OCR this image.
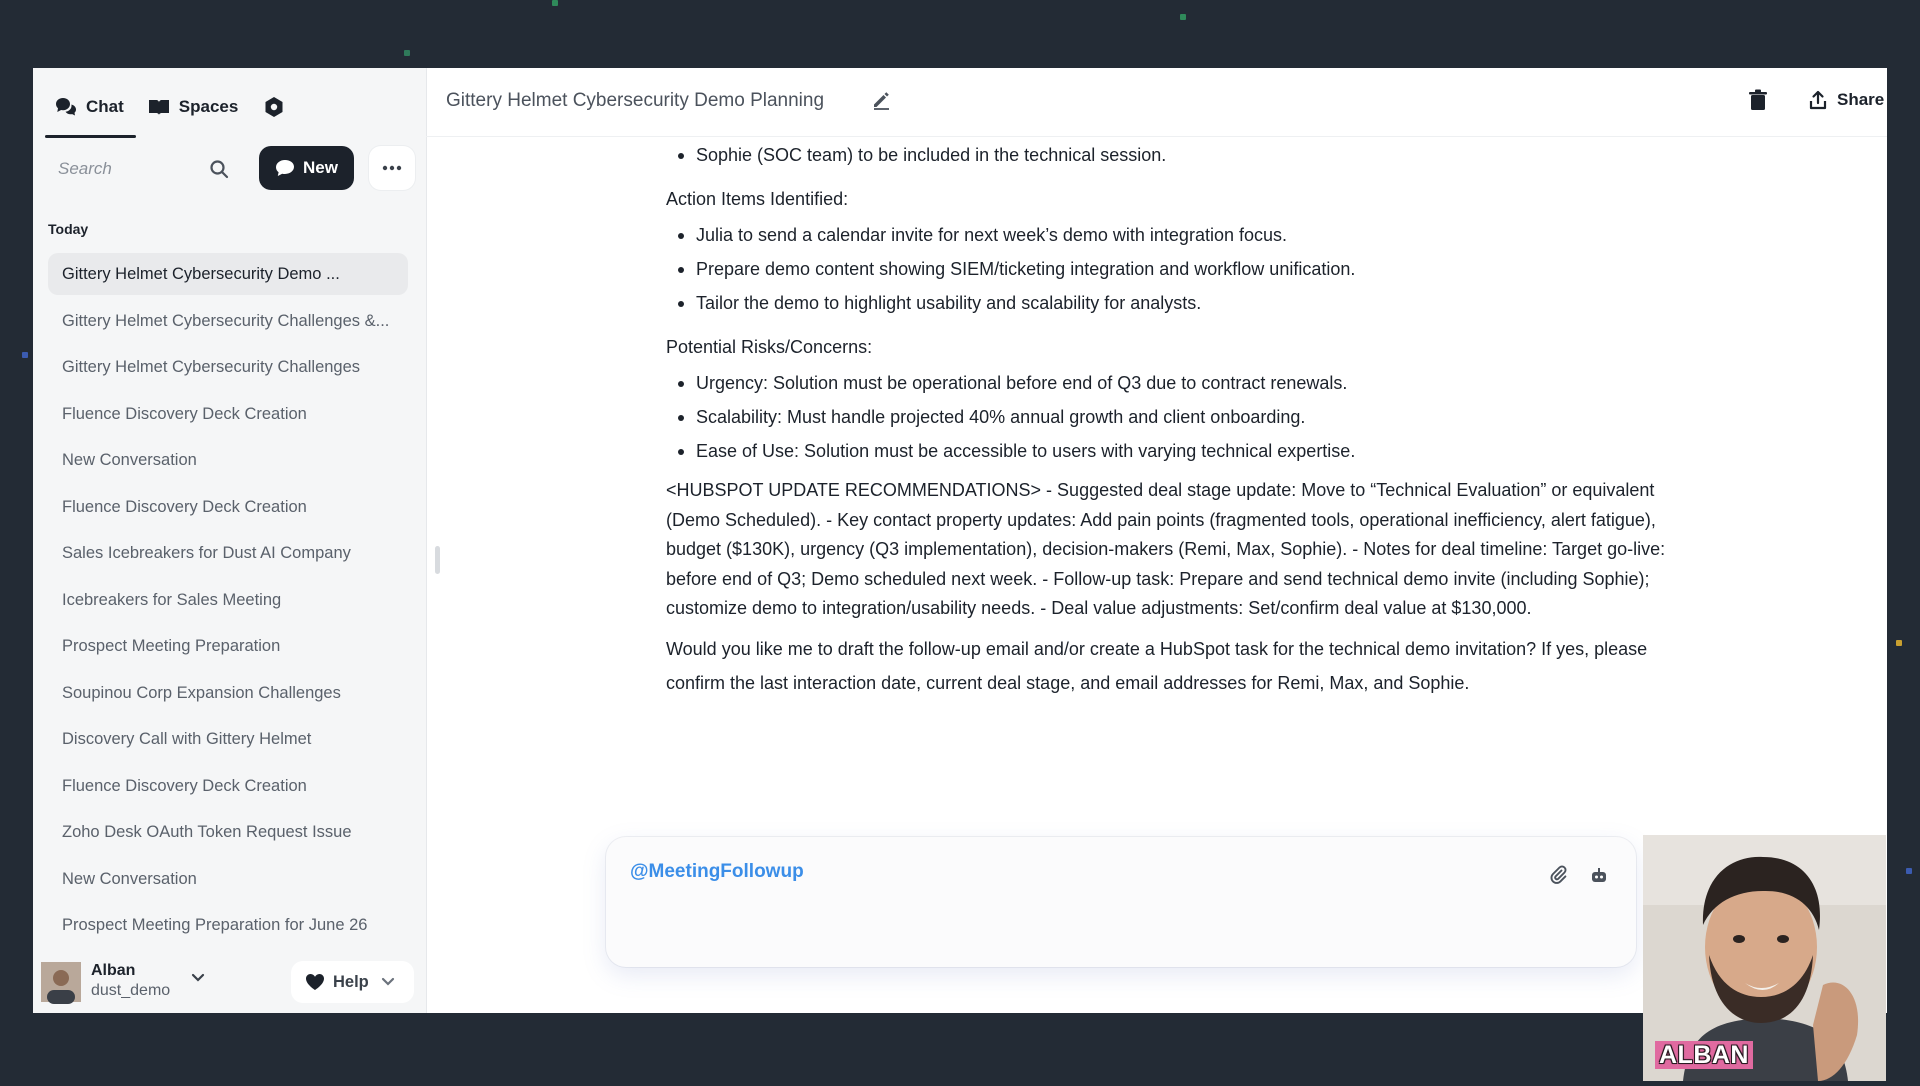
Chat	Spaces
Search
New
Today
Gittery Helmet Cybersecurity Demo ...
Gittery Helmet Cybersecurity Challenges &...
Gittery Helmet Cybersecurity Challenges
Fluence Discovery Deck Creation
New Conversation
Fluence Discovery Deck Creation
Sales Icebreakers for Dust AI Company
Icebreakers for Sales Meeting
Prospect Meeting Preparation
Soupinou Corp Expansion Challenges
Discovery Call with Gittery Helmet
Fluence Discovery Deck Creation
Zoho Desk OAuth Token Request Issue
New Conversation
Prospect Meeting Preparation for June 26
Alban
dust_demo	Help
Gittery Helmet Cybersecurity Demo Planning	Share
Sophie (SOC team) to be included in the technical session.

Action Items Identified:

Julia to send a calendar invite for next week’s demo with integration focus.
Prepare demo content showing SIEM/ticketing integration and workflow unification.
Tailor the demo to highlight usability and scalability for analysts.

Potential Risks/Concerns:

Urgency: Solution must be operational before end of Q3 due to contract renewals.
Scalability: Must handle projected 40% annual growth and client onboarding.
Ease of Use: Solution must be accessible to users with varying technical expertise.

<HUBSPOT UPDATE RECOMMENDATIONS> - Suggested deal stage update: Move to “Technical Evaluation” or equivalent (Demo Scheduled). - Key contact property updates: Add pain points (fragmented tools, operational inefficiency, alert fatigue), budget ($130K), urgency (Q3 implementation), decision-makers (Remi, Max, Sophie). - Notes for deal timeline: Target go-live: before end of Q3; Demo scheduled next week. - Follow-up task: Prepare and send technical demo invite (including Sophie); customize demo to integration/usability needs. - Deal value adjustments: Set/confirm deal value at $130,000.

Would you like me to draft the follow-up email and/or create a HubSpot task for the technical demo invitation? If yes, please confirm the last interaction date, current deal stage, and email addresses for Remi, Max, and Sophie.

@MeetingFollowup
ALBAN
